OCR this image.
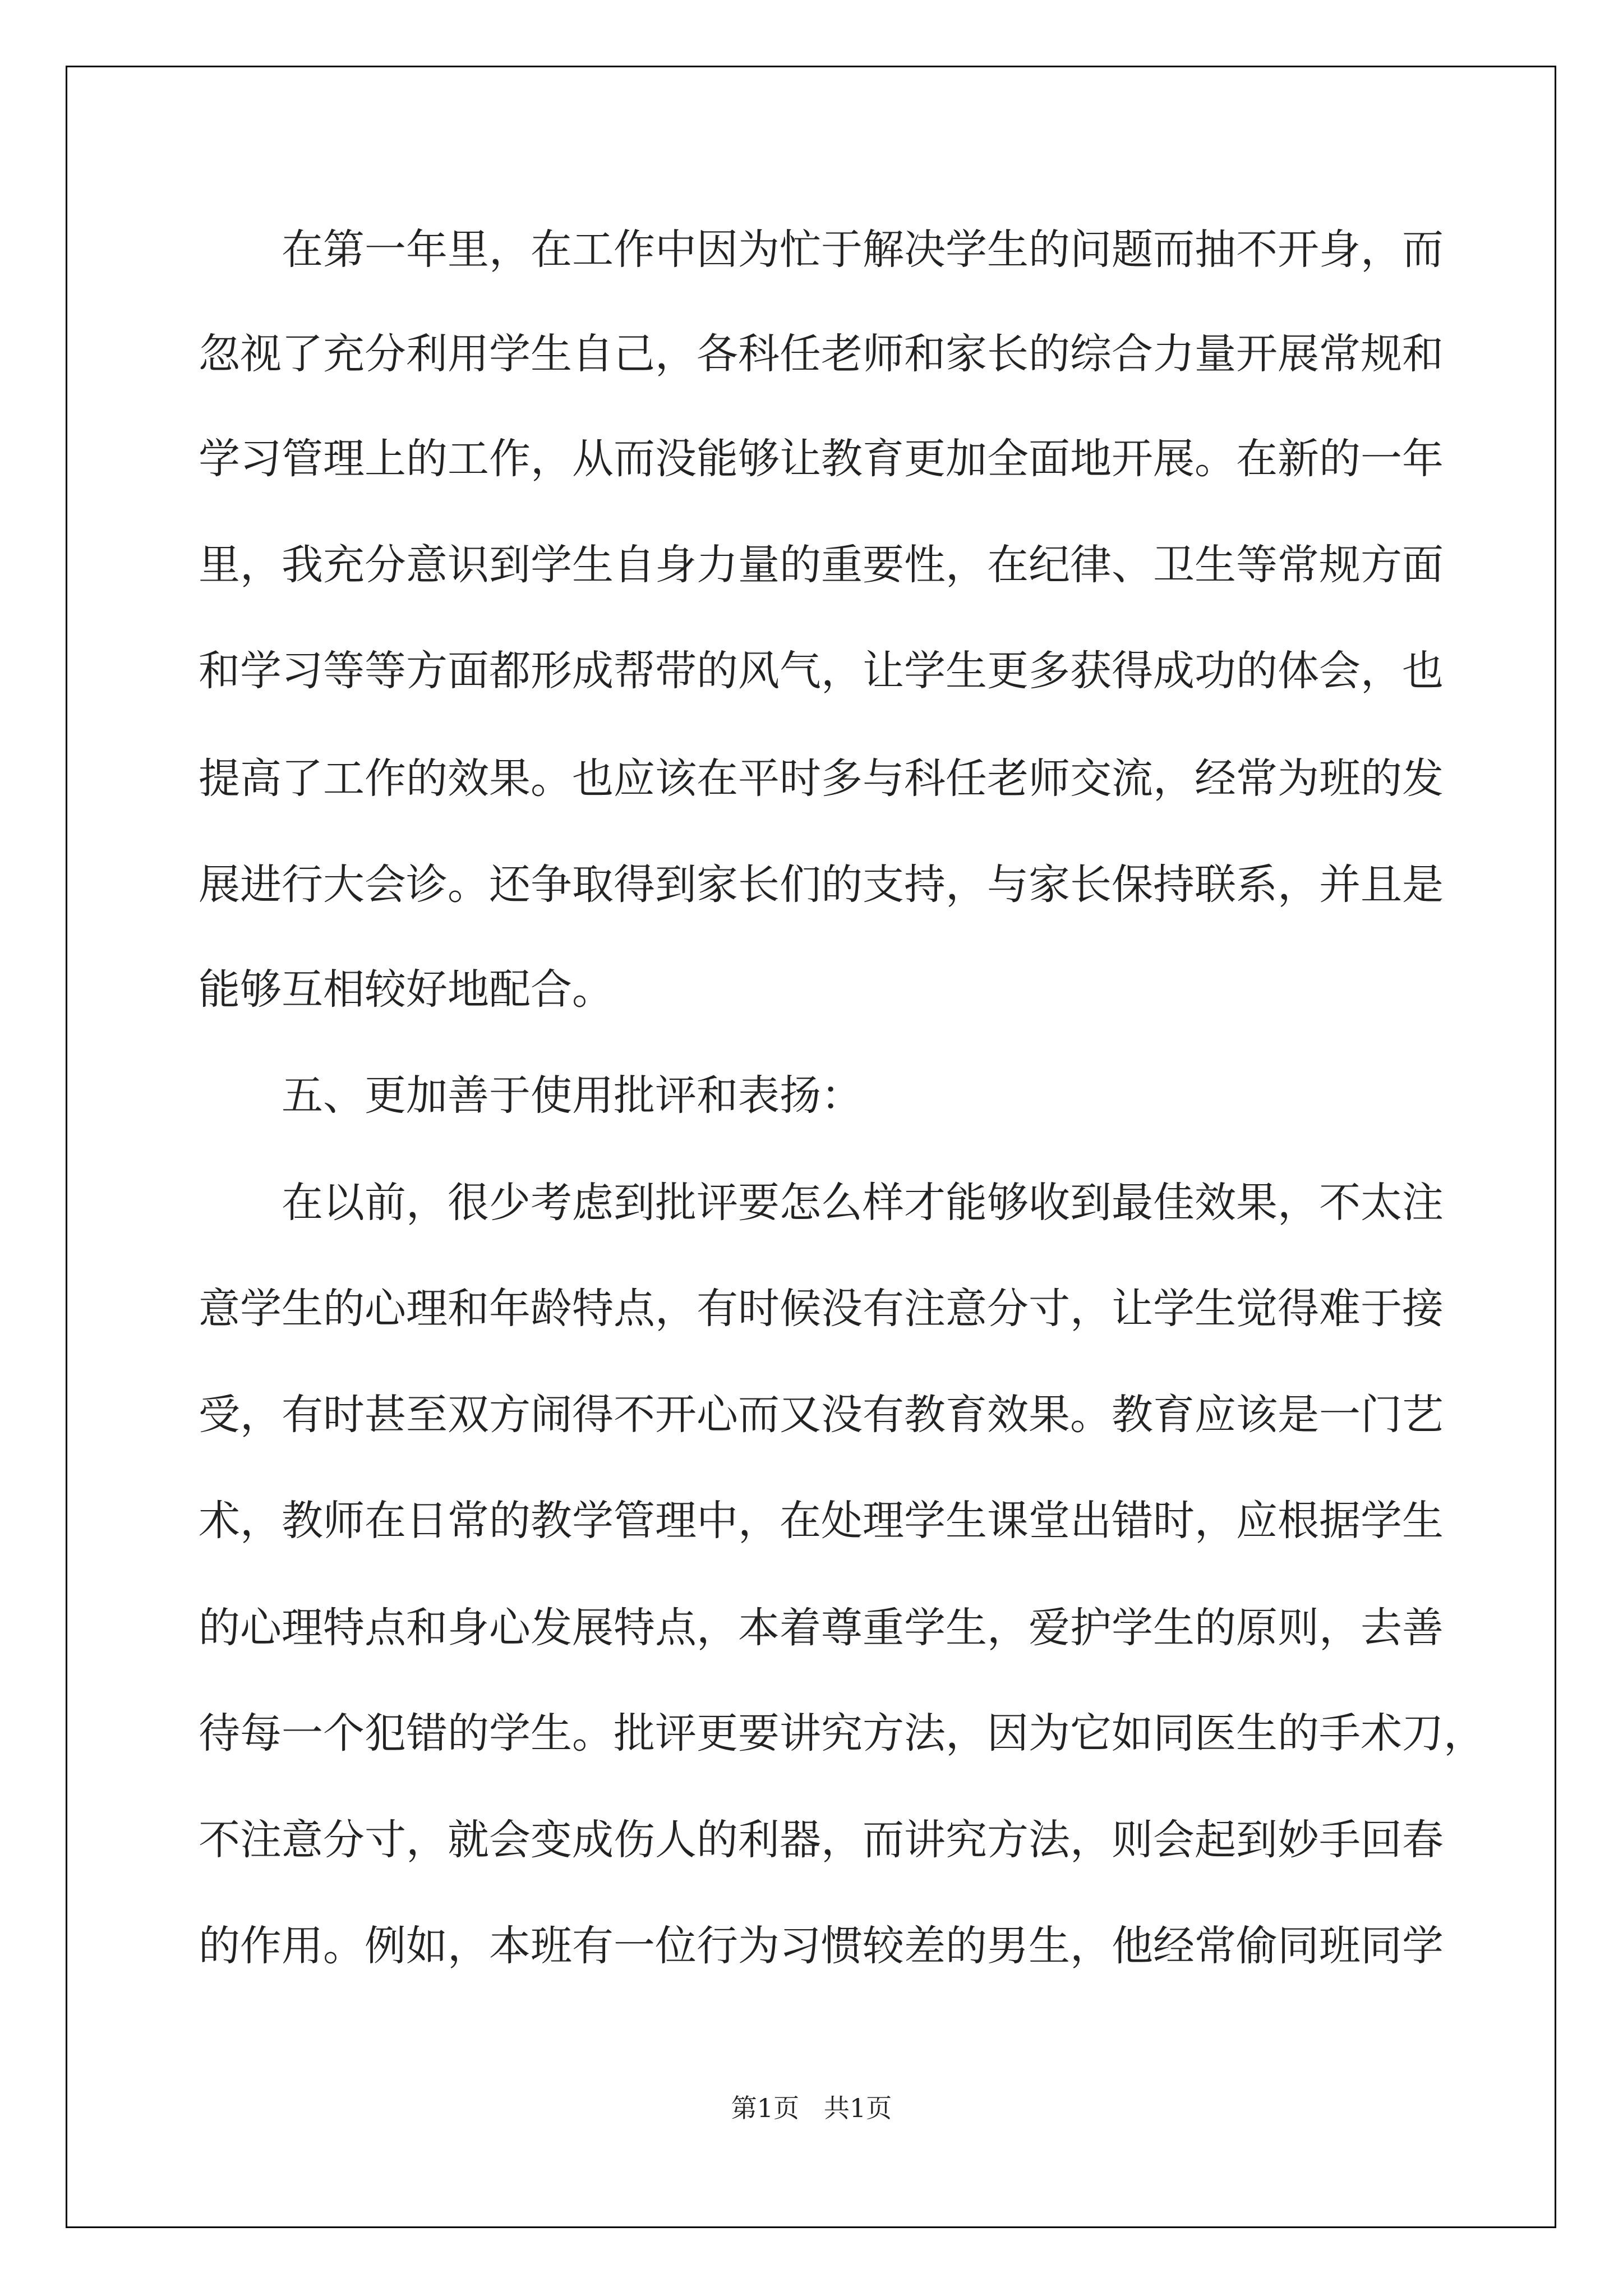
　　在第一年里，在工作中因为忙于解决学生的问题而抽不开身，而
忽视了充分利用学生自己，各科任老师和家长的综合力量开展常规和
学习管理上的工作，从而没能够让教育更加全面地开展。在新的一年
里，我充分意识到学生自身力量的重要性，在纪律、卫生等常规方面
和学习等等方面都形成帮带的风气，让学生更多获得成功的体会，也
提高了工作的效果。也应该在平时多与科任老师交流，经常为班的发
展进行大会诊。还争取得到家长们的支持，与家长保持联系，并且是
能够互相较好地配合。
　　五、更加善于使用批评和表扬：
　　在以前，很少考虑到批评要怎么样才能够收到最佳效果，不太注
意学生的心理和年龄特点，有时候没有注意分寸，让学生觉得难于接
受，有时甚至双方闹得不开心而又没有教育效果。教育应该是一门艺
术，教师在日常的教学管理中，在处理学生课堂出错时，应根据学生
的心理特点和身心发展特点，本着尊重学生，爱护学生的原则，去善
待每一个犯错的学生。批评更要讲究方法，因为它如同医生的手术刀，
不注意分寸，就会变成伤人的利器，而讲究方法，则会起到妙手回春
的作用。例如，本班有一位行为习惯较差的男生，他经常偷同班同学
第1页   共1页
